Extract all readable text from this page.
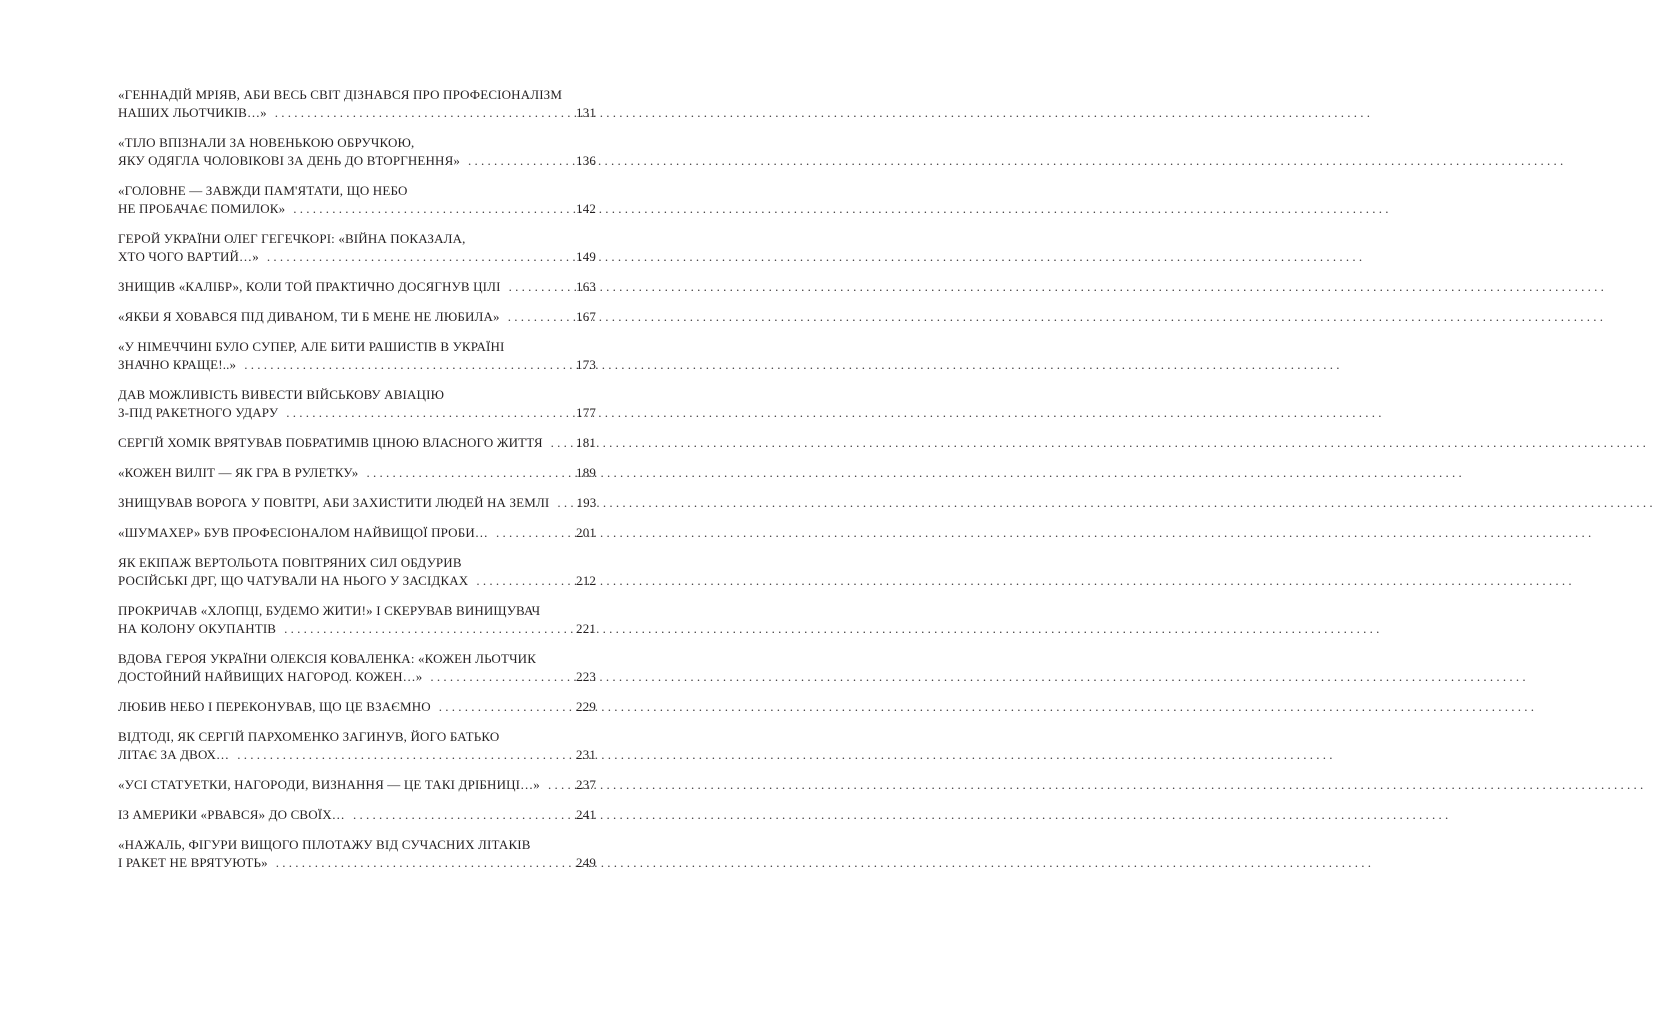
«ГЕННАДІЙ МРІЯВ, АБИ ВЕСЬ СВІТ ДІЗНАВСЯ ПРО ПРОФЕСІОНАЛІЗМ
НАШИХ ЛЬОТЧИКІВ…» . . .	131
«ТІЛО ВПІЗНАЛИ ЗА НОВЕНЬКОЮ ОБРУЧКОЮ,
ЯКУ ОДЯГЛА ЧОЛОВІКОВІ ЗА ДЕНЬ ДО ВТОРГНЕННЯ» . . .	136
«ГОЛОВНЕ — ЗАВЖДИ ПАМ'ЯТАТИ, ЩО НЕБО
НЕ ПРОБАЧАЄ ПОМИЛОК» . . .	142
ГЕРОЙ УКРАЇНИ ОЛЕГ ГЕГЕЧКОРІ: «ВІЙНА ПОКАЗАЛА,
ХТО ЧОГО ВАРТИЙ…» . . .	149
ЗНИЩИВ «КАЛІБР», КОЛИ ТОЙ ПРАКТИЧНО ДОСЯГНУВ ЦІЛІ . . .	163
«ЯКБИ Я ХОВАВСЯ ПІД ДИВАНОМ, ТИ Б МЕНЕ НЕ ЛЮБИЛА» . . .	167
«У НІМЕЧЧИНІ БУЛО СУПЕР, АЛЕ БИТИ РАШИСТІВ В УКРАЇНІ
ЗНАЧНО КРАЩЕ!..» . . .	173
ДАВ МОЖЛИВІСТЬ ВИВЕСТИ ВІЙСЬКОВУ АВІАЦІЮ
З-ПІД РАКЕТНОГО УДАРУ . . .	177
СЕРГІЙ ХОМІК ВРЯТУВАВ ПОБРАТИМІВ ЦІНОЮ ВЛАСНОГО ЖИТТЯ . . .	181
«КОЖЕН ВИЛІТ — ЯК ГРА В РУЛЕТКУ» . . .	189
ЗНИЩУВАВ ВОРОГА У ПОВІТРІ, АБИ ЗАХИСТИТИ ЛЮДЕЙ НА ЗЕМЛІ . . . 193
«ШУМАХЕР» БУВ ПРОФЕСІОНАЛОМ НАЙВИЩОЇ ПРОБИ… . . .	201
ЯК ЕКІПАЖ ВЕРТОЛЬОТА ПОВІТРЯНИХ СИЛ ОБДУРИВ
РОСІЙСЬКІ ДРГ, ЩО ЧАТУВАЛИ НА НЬОГО У ЗАСІДКАХ . . .	212
ПРОКРИЧАВ «ХЛОПЦІ, БУДЕМО ЖИТИ!» І СКЕРУВАВ ВИНИЩУВАЧ
НА КОЛОНУ ОКУПАНТІВ . . .	221
ВДОВА ГЕРОЯ УКРАЇНИ ОЛЕКСІЯ КОВАЛЕНКА: «КОЖЕН ЛЬОТЧИК
ДОСТОЙНИЙ НАЙВИЩИХ НАГОРОД. КОЖЕН…» . . .	223
ЛЮБИВ НЕБО І ПЕРЕКОНУВАВ, ЩО ЦЕ ВЗАЄМНО . . .	229
ВІДТОДІ, ЯК СЕРГІЙ ПАРХОМЕНКО ЗАГИНУВ, ЙОГО БАТЬКО
ЛІТАЄ ЗА ДВОХ… . . .	231
«УСІ СТАТУЕТКИ, НАГОРОДИ, ВИЗНАННЯ — ЦЕ ТАКІ ДРІБНИЦІ…» . . .	237
ІЗ АМЕРИКИ «РВАВСЯ» ДО СВОЇХ… . . .	241
«НАЖАЛЬ, ФІГУРИ ВИЩОГО ПІЛОТАЖУ ВІД СУЧАСНИХ ЛІТАКІВ
І РАКЕТ НЕ ВРЯТУЮТЬ» . . .	249
